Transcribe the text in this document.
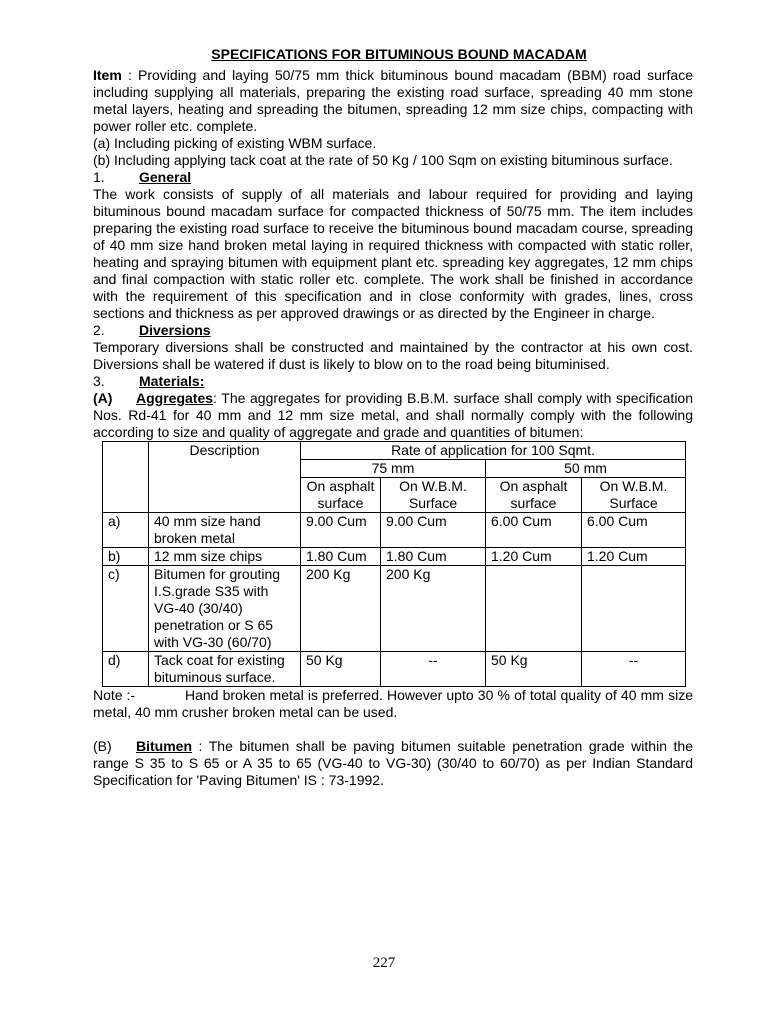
SPECIFICATIONS FOR BITUMINOUS BOUND MACADAM

Item : Providing and laying 50/75 mm thick bituminous bound macadam (BBM) road surface including supplying all materials, preparing the existing road surface, spreading 40 mm stone metal layers, heating and spreading the bitumen, spreading 12 mm size chips, compacting with power roller etc. complete.

(a) Including picking of existing WBM surface.

(b) Including applying tack coat at the rate of 50 Kg / 100 Sqm on existing bituminous surface.

1. General

The work consists of supply of all materials and labour required for providing and laying bituminous bound macadam surface for compacted thickness of 50/75 mm. The item includes preparing the existing road surface to receive the bituminous bound macadam course, spreading of 40 mm size hand broken metal laying in required thickness with compacted with static roller, heating and spraying bitumen with equipment plant etc. spreading key aggregates, 12 mm chips and final compaction with static roller etc. complete. The work shall be finished in accordance with the requirement of this specification and in close conformity with grades, lines, cross sections and thickness as per approved drawings or as directed by the Engineer in charge.

2. Diversions

Temporary diversions shall be constructed and maintained by the contractor at his own cost. Diversions shall be watered if dust is likely to blow on to the road being bituminised.

3. Materials:

(A) Aggregates: The aggregates for providing B.B.M. surface shall comply with specification Nos. Rd-41 for 40 mm and 12 mm size metal, and shall normally comply with the following according to size and quality of aggregate and grade and quantities of bitumen:

	Description	Rate of application for 100 Sqmt.			
		75 mm		50 mm	
		On asphalt surface	On W.B.M. Surface	On asphalt surface	On W.B.M. Surface
a)	40 mm size hand broken metal	9.00 Cum	9.00 Cum	6.00 Cum	6.00 Cum
b)	12 mm size chips	1.80 Cum	1.80 Cum	1.20 Cum	1.20 Cum
c)	Bitumen for grouting I.S.grade S35 with VG-40 (30/40) penetration or S 65 with VG-30 (60/70)	200 Kg	200 Kg		
d)	Tack coat for existing bituminous surface.	50 Kg	--	50 Kg	--

Note :-	Hand broken metal is preferred. However upto 30 % of total quality of 40 mm size metal, 40 mm crusher broken metal can be used.

(B) Bitumen : The bitumen shall be paving bitumen suitable penetration grade within the range S 35 to S 65 or A 35 to 65 (VG-40 to VG-30) (30/40 to 60/70) as per Indian Standard Specification for 'Paving Bitumen' IS : 73-1992.

227
